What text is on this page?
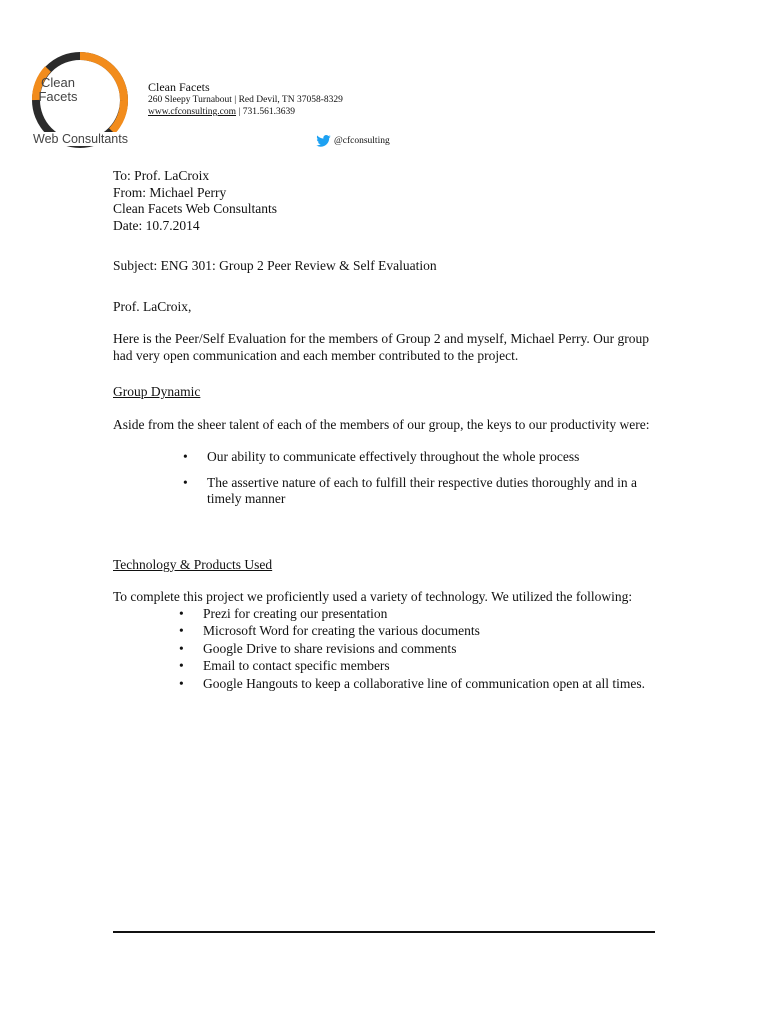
Clean
Facets
Web Consultants
Clean Facets
260 Sleepy Turnabout | Red Devil, TN 37058-8329
www.cfconsulting.com | 731.561.3639
@cfconsulting

To: Prof. LaCroix

From: Michael Perry

Clean Facets Web Consultants

Date: 10.7.2014

Subject: ENG 301: Group 2 Peer Review & Self Evaluation

Prof. LaCroix,

Here is the Peer/Self Evaluation for the members of Group 2 and myself, Michael Perry. Our group had very open communication and each member contributed to the project.

Group Dynamic

Aside from the sheer talent of each of the members of our group, the keys to our productivity were:

• Our ability to communicate effectively throughout the whole process
• The assertive nature of each to fulfill their respective duties thoroughly and in a timely manner

Technology & Products Used

To complete this project we proficiently used a variety of technology. We utilized the following:

• Prezi for creating our presentation
• Microsoft Word for creating the various documents
• Google Drive to share revisions and comments
• Email to contact specific members
• Google Hangouts to keep a collaborative line of communication open at all times.
